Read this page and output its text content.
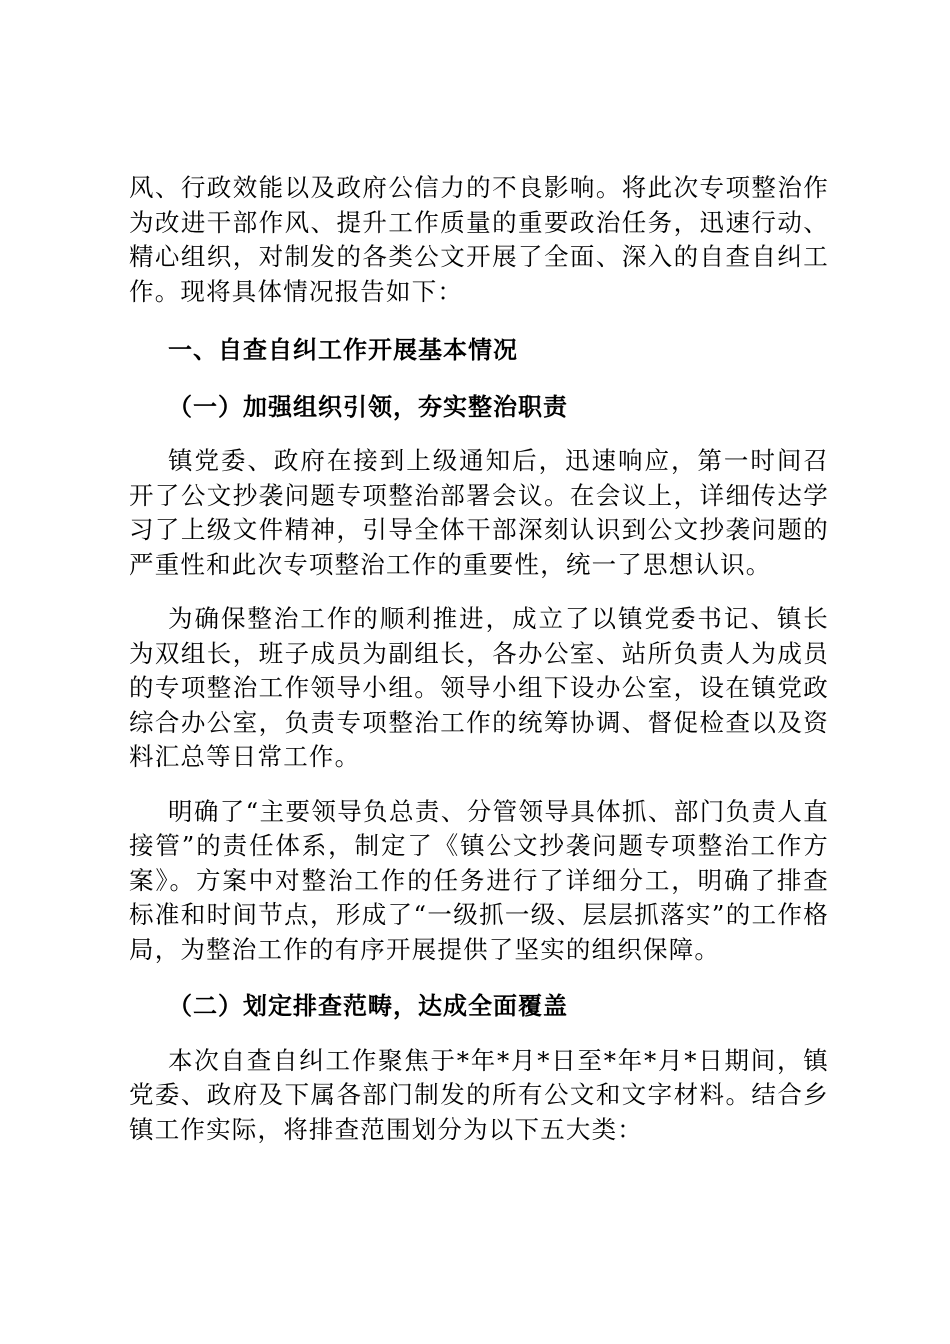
风、行政效能以及政府公信力的不良影响。将此次专项整治作为改进干部作风、提升工作质量的重要政治任务，迅速行动、精心组织，对制发的各类公文开展了全面、深入的自查自纠工作。现将具体情况报告如下：

一、自查自纠工作开展基本情况

（一）加强组织引领，夯实整治职责

镇党委、政府在接到上级通知后，迅速响应，第一时间召开了公文抄袭问题专项整治部署会议。在会议上，详细传达学习了上级文件精神，引导全体干部深刻认识到公文抄袭问题的严重性和此次专项整治工作的重要性，统一了思想认识。

为确保整治工作的顺利推进，成立了以镇党委书记、镇长为双组长，班子成员为副组长，各办公室、站所负责人为成员的专项整治工作领导小组。领导小组下设办公室，设在镇党政综合办公室，负责专项整治工作的统筹协调、督促检查以及资料汇总等日常工作。

明确了“主要领导负总责、分管领导具体抓、部门负责人直接管”的责任体系，制定了《镇公文抄袭问题专项整治工作方案》。方案中对整治工作的任务进行了详细分工，明确了排查标准和时间节点，形成了“一级抓一级、层层抓落实”的工作格局，为整治工作的有序开展提供了坚实的组织保障。

（二）划定排查范畴，达成全面覆盖

本次自查自纠工作聚焦于*年*月*日至*年*月*日期间，镇党委、政府及下属各部门制发的所有公文和文字材料。结合乡镇工作实际，将排查范围划分为以下五大类：
